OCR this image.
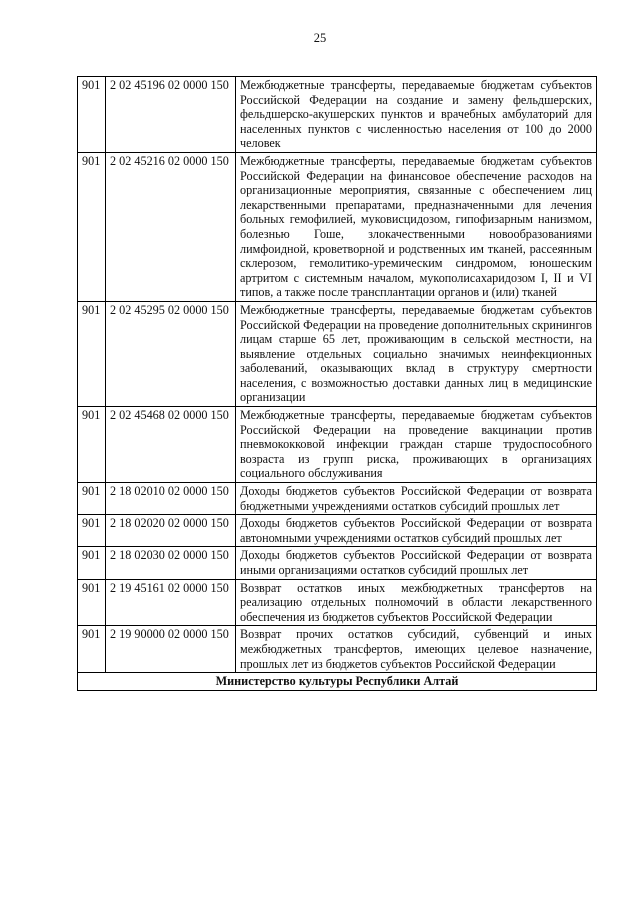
25
901	2 02 45196 02 0000 150	Межбюджетные трансферты, передаваемые бюджетам субъектов Российской Федерации на создание и замену фельдшерских, фельдшерско-акушерских пунктов и врачебных амбулаторий для населенных пунктов с численностью населения от 100 до 2000 человек
901	2 02 45216 02 0000 150	Межбюджетные трансферты, передаваемые бюджетам субъектов Российской Федерации на финансовое обеспечение расходов на организационные мероприятия, связанные с обеспечением лиц лекарственными препаратами, предназначенными для лечения больных гемофилией, муковисцидозом, гипофизарным нанизмом, болезнью Гоше, злокачественными новообразованиями лимфоидной, кроветворной и родственных им тканей, рассеянным склерозом, гемолитико-уремическим синдромом, юношеским артритом с системным началом, мукополисахаридозом I, II и VI типов, а также после трансплантации органов и (или) тканей
901	2 02 45295 02 0000 150	Межбюджетные трансферты, передаваемые бюджетам субъектов Российской Федерации на проведение дополнительных скринингов лицам старше 65 лет, проживающим в сельской местности, на выявление отдельных социально значимых неинфекционных заболеваний, оказывающих вклад в структуру смертности населения, с возможностью доставки данных лиц в медицинские организации
901	2 02 45468 02 0000 150	Межбюджетные трансферты, передаваемые бюджетам субъектов Российской Федерации на проведение вакцинации против пневмококковой инфекции граждан старше трудоспособного возраста из групп риска, проживающих в организациях социального обслуживания
901	2 18 02010 02 0000 150	Доходы бюджетов субъектов Российской Федерации от возврата бюджетными учреждениями остатков субсидий прошлых лет
901	2 18 02020 02 0000 150	Доходы бюджетов субъектов Российской Федерации от возврата автономными учреждениями остатков субсидий прошлых лет
901	2 18 02030 02 0000 150	Доходы бюджетов субъектов Российской Федерации от возврата иными организациями остатков субсидий прошлых лет
901	2 19 45161 02 0000 150	Возврат остатков иных межбюджетных трансфертов на реализацию отдельных полномочий в области лекарственного обеспечения из бюджетов субъектов Российской Федерации
901	2 19 90000 02 0000 150	Возврат прочих остатков субсидий, субвенций и иных межбюджетных трансфертов, имеющих целевое назначение, прошлых лет из бюджетов субъектов Российской Федерации
Министерство культуры Республики Алтай		
